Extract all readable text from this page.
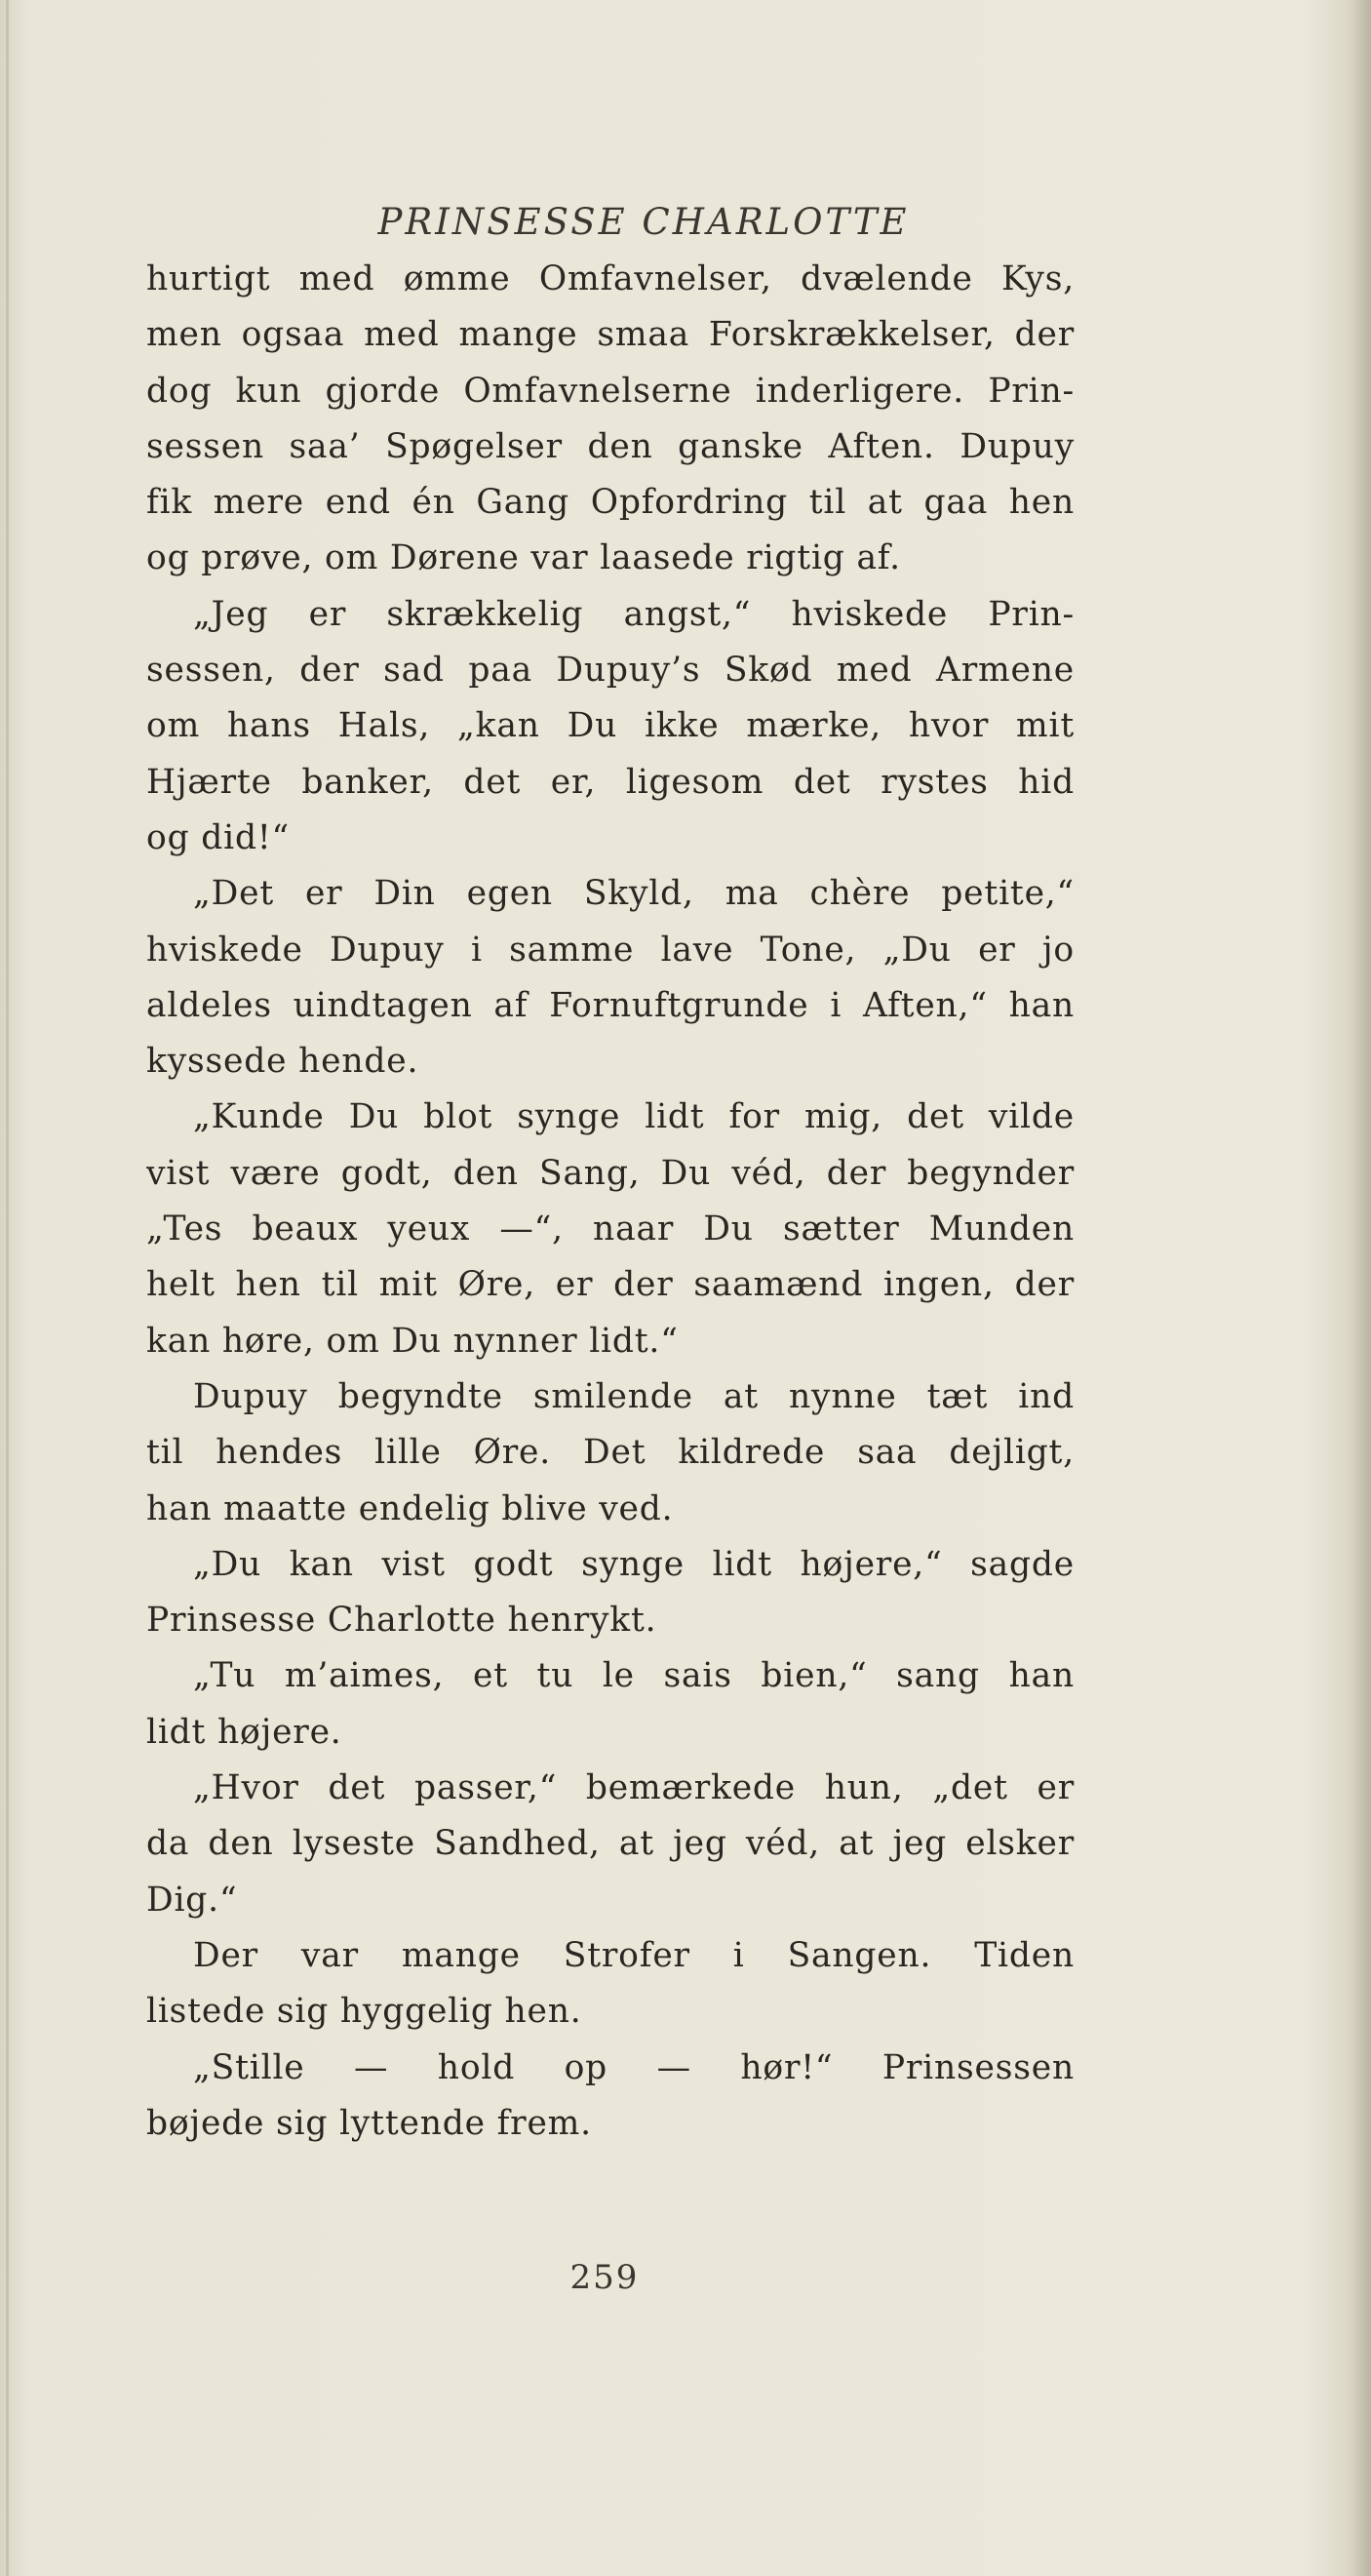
PRINSESSE CHARLOTTE
hurtigt med ømme Omfavnelser, dvælende Kys,
men ogsaa med mange smaa Forskrækkelser, der
dog kun gjorde Omfavnelserne inderligere. Prin-
sessen saa’ Spøgelser den ganske Aften. Dupuy
fik mere end én Gang Opfordring til at gaa hen
og prøve, om Dørene var laasede rigtig af.
„Jeg er skrækkelig angst,“ hviskede Prin-
sessen, der sad paa Dupuy’s Skød med Armene
om hans Hals, „kan Du ikke mærke, hvor mit
Hjærte banker, det er, ligesom det rystes hid
og did!“
„Det er Din egen Skyld, ma chère petite,“
hviskede Dupuy i samme lave Tone, „Du er jo
aldeles uindtagen af Fornuftgrunde i Aften,“ han
kyssede hende.
„Kunde Du blot synge lidt for mig, det vilde
vist være godt, den Sang, Du véd, der begynder
„Tes beaux yeux —“, naar Du sætter Munden
helt hen til mit Øre, er der saamænd ingen, der
kan høre, om Du nynner lidt.“
Dupuy begyndte smilende at nynne tæt ind
til hendes lille Øre. Det kildrede saa dejligt,
han maatte endelig blive ved.
„Du kan vist godt synge lidt højere,“ sagde
Prinsesse Charlotte henrykt.
„Tu m’aimes, et tu le sais bien,“ sang han
lidt højere.
„Hvor det passer,“ bemærkede hun, „det er
da den lyseste Sandhed, at jeg véd, at jeg elsker
Dig.“
Der var mange Strofer i Sangen. Tiden
listede sig hyggelig hen.
„Stille — hold op — hør!“ Prinsessen
bøjede sig lyttende frem.
259
